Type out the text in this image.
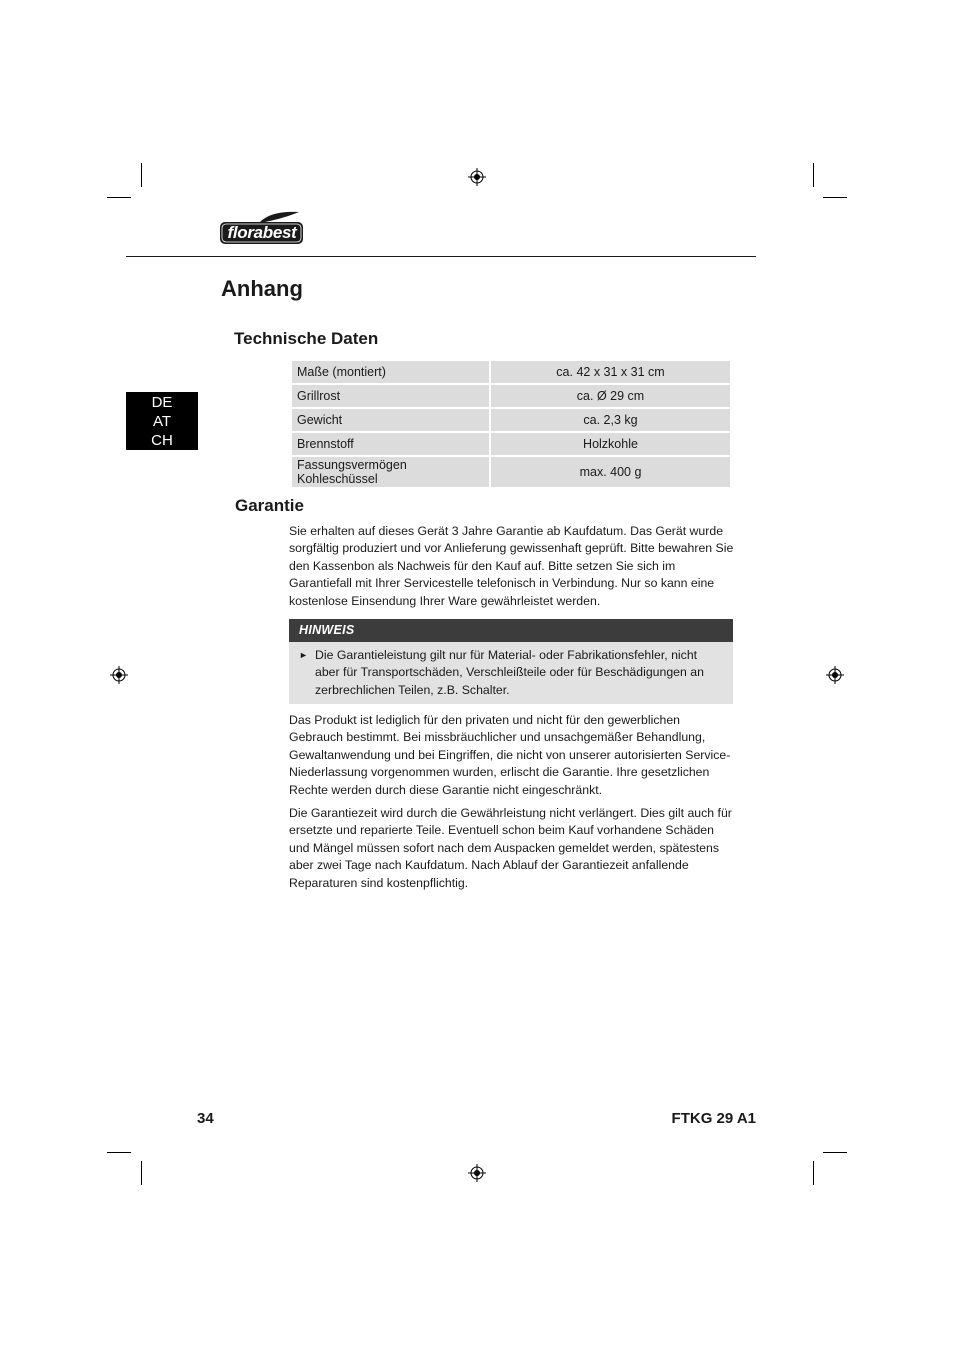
florabest
Anhang
DE
AT
CH
Technische Daten
Maße (montiert)	ca. 42 x 31 x 31 cm
Grillrost	ca. Ø 29 cm
Gewicht	ca. 2,3 kg
Brennstoff	Holzkohle
Fassungsvermögen Kohleschüssel	max. 400 g
Garantie

Sie erhalten auf dieses Gerät 3 Jahre Garantie ab Kaufdatum. Das Gerät wurde sorgfältig produziert und vor Anlieferung gewissenhaft geprüft. Bitte bewahren Sie den Kassenbon als Nachweis für den Kauf auf. Bitte setzen Sie sich im Garantiefall mit Ihrer Servicestelle telefonisch in Verbindung. Nur so kann eine kostenlose Einsendung Ihrer Ware gewährleistet werden.

HINWEIS
► Die Garantieleistung gilt nur für Material- oder Fabrikationsfehler, nicht aber für Transportschäden, Verschleißteile oder für Beschädigungen an zerbrechlichen Teilen, z.B. Schalter.

Das Produkt ist lediglich für den privaten und nicht für den gewerblichen Gebrauch bestimmt. Bei missbräuchlicher und unsachgemäßer Behandlung, Gewaltanwendung und bei Eingriffen, die nicht von unserer autorisierten Service-Niederlassung vorgenommen wurden, erlischt die Garantie. Ihre gesetzlichen Rechte werden durch diese Garantie nicht eingeschränkt.

Die Garantiezeit wird durch die Gewährleistung nicht verlängert. Dies gilt auch für ersetzte und reparierte Teile. Eventuell schon beim Kauf vorhandene Schäden und Mängel müssen sofort nach dem Auspacken gemeldet werden, spätestens aber zwei Tage nach Kaufdatum. Nach Ablauf der Garantiezeit anfallende Reparaturen sind kostenpflichtig.

34	FTKG 29 A1
